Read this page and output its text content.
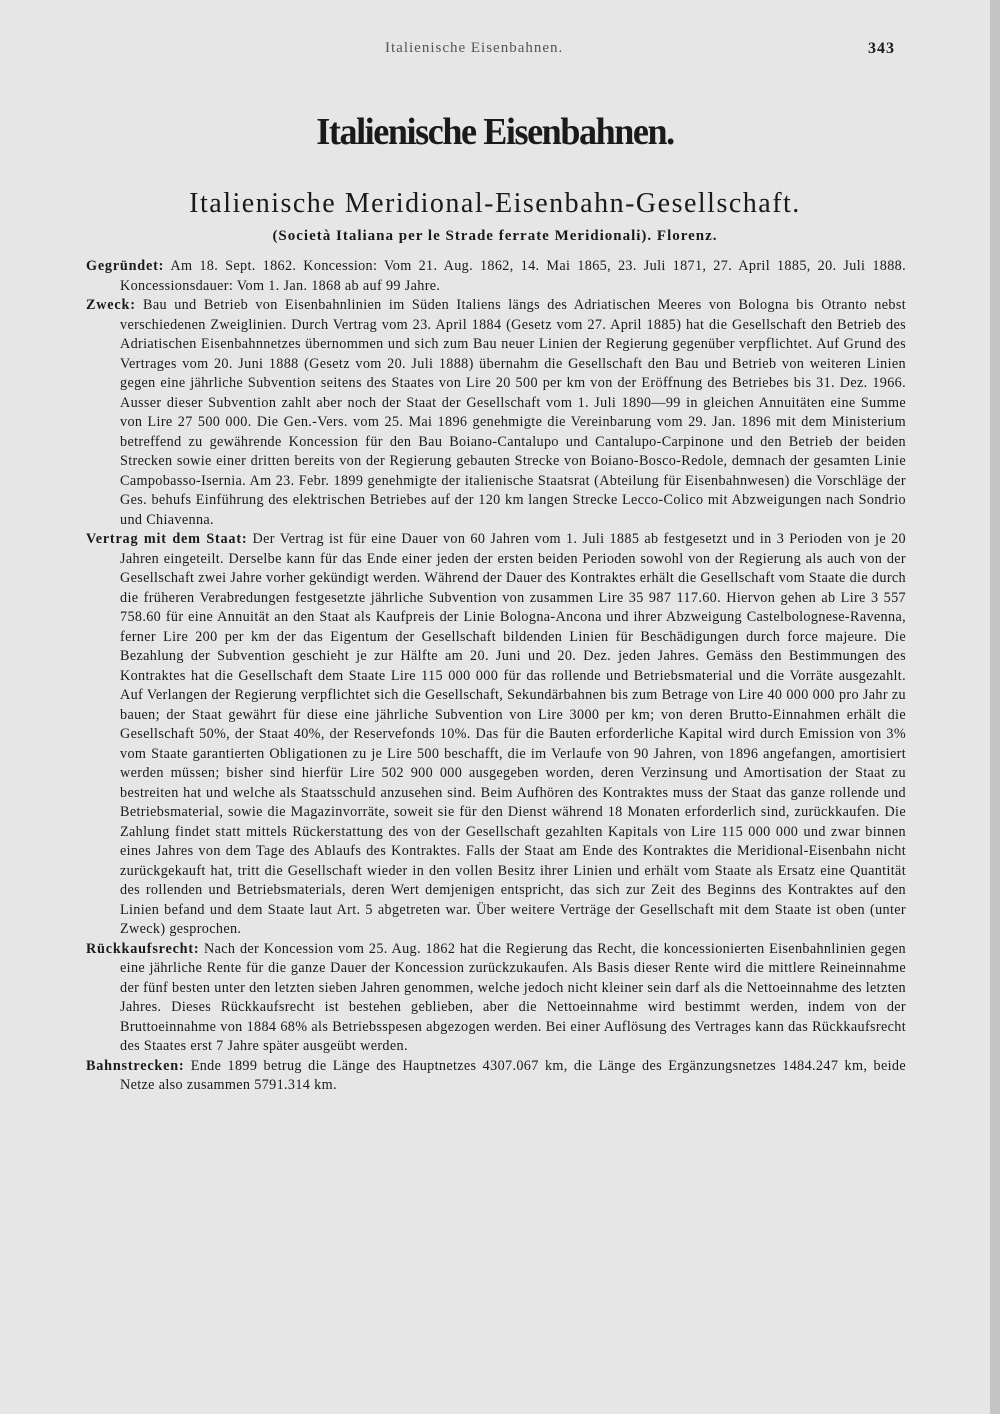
Italienische Eisenbahnen.	343
Italienische Eisenbahnen.
Italienische Meridional-Eisenbahn-Gesellschaft.
(Società Italiana per le Strade ferrate Meridionali). Florenz.

Gegründet: Am 18. Sept. 1862. Koncession: Vom 21. Aug. 1862, 14. Mai 1865, 23. Juli 1871, 27. April 1885, 20. Juli 1888. Koncessionsdauer: Vom 1. Jan. 1868 ab auf 99 Jahre.

Zweck: Bau und Betrieb von Eisenbahnlinien im Süden Italiens längs des Adriatischen Meeres von Bologna bis Otranto nebst verschiedenen Zweiglinien. Durch Vertrag vom 23. April 1884 (Gesetz vom 27. April 1885) hat die Gesellschaft den Betrieb des Adriatischen Eisenbahnnetzes übernommen und sich zum Bau neuer Linien der Regierung gegenüber verpflichtet. Auf Grund des Vertrages vom 20. Juni 1888 (Gesetz vom 20. Juli 1888) übernahm die Gesellschaft den Bau und Betrieb von weiteren Linien gegen eine jährliche Subvention seitens des Staates von Lire 20 500 per km von der Eröffnung des Betriebes bis 31. Dez. 1966. Ausser dieser Subvention zahlt aber noch der Staat der Gesellschaft vom 1. Juli 1890—99 in gleichen Annuitäten eine Summe von Lire 27 500 000. Die Gen.-Vers. vom 25. Mai 1896 genehmigte die Vereinbarung vom 29. Jan. 1896 mit dem Ministerium betreffend zu gewährende Koncession für den Bau Boiano-Cantalupo und Cantalupo-Carpinone und den Betrieb der beiden Strecken sowie einer dritten bereits von der Regierung gebauten Strecke von Boiano-Bosco-Redole, demnach der gesamten Linie Campobasso-Isernia. Am 23. Febr. 1899 genehmigte der italienische Staatsrat (Abteilung für Eisenbahnwesen) die Vorschläge der Ges. behufs Einführung des elektrischen Betriebes auf der 120 km langen Strecke Lecco-Colico mit Abzweigungen nach Sondrio und Chiavenna.

Vertrag mit dem Staat: Der Vertrag ist für eine Dauer von 60 Jahren vom 1. Juli 1885 ab festgesetzt und in 3 Perioden von je 20 Jahren eingeteilt. Derselbe kann für das Ende einer jeden der ersten beiden Perioden sowohl von der Regierung als auch von der Gesellschaft zwei Jahre vorher gekündigt werden. Während der Dauer des Kontraktes erhält die Gesellschaft vom Staate die durch die früheren Verabredungen festgesetzte jährliche Subvention von zusammen Lire 35 987 117.60. Hiervon gehen ab Lire 3 557 758.60 für eine Annuität an den Staat als Kaufpreis der Linie Bologna-Ancona und ihrer Abzweigung Castelbolognese-Ravenna, ferner Lire 200 per km der das Eigentum der Gesellschaft bildenden Linien für Beschädigungen durch force majeure. Die Bezahlung der Subvention geschieht je zur Hälfte am 20. Juni und 20. Dez. jeden Jahres. Gemäss den Bestimmungen des Kontraktes hat die Gesellschaft dem Staate Lire 115 000 000 für das rollende und Betriebsmaterial und die Vorräte ausgezahlt. Auf Verlangen der Regierung verpflichtet sich die Gesellschaft, Sekundärbahnen bis zum Betrage von Lire 40 000 000 pro Jahr zu bauen; der Staat gewährt für diese eine jährliche Subvention von Lire 3000 per km; von deren Brutto-Einnahmen erhält die Gesellschaft 50%, der Staat 40%, der Reservefonds 10%. Das für die Bauten erforderliche Kapital wird durch Emission von 3% vom Staate garantierten Obligationen zu je Lire 500 beschafft, die im Verlaufe von 90 Jahren, von 1896 angefangen, amortisiert werden müssen; bisher sind hierfür Lire 502 900 000 ausgegeben worden, deren Verzinsung und Amortisation der Staat zu bestreiten hat und welche als Staatsschuld anzusehen sind. Beim Aufhören des Kontraktes muss der Staat das ganze rollende und Betriebsmaterial, sowie die Magazinvorräte, soweit sie für den Dienst während 18 Monaten erforderlich sind, zurückkaufen. Die Zahlung findet statt mittels Rückerstattung des von der Gesellschaft gezahlten Kapitals von Lire 115 000 000 und zwar binnen eines Jahres von dem Tage des Ablaufs des Kontraktes. Falls der Staat am Ende des Kontraktes die Meridional-Eisenbahn nicht zurückgekauft hat, tritt die Gesellschaft wieder in den vollen Besitz ihrer Linien und erhält vom Staate als Ersatz eine Quantität des rollenden und Betriebsmaterials, deren Wert demjenigen entspricht, das sich zur Zeit des Beginns des Kontraktes auf den Linien befand und dem Staate laut Art. 5 abgetreten war. Über weitere Verträge der Gesellschaft mit dem Staate ist oben (unter Zweck) gesprochen.

Rückkaufsrecht: Nach der Koncession vom 25. Aug. 1862 hat die Regierung das Recht, die koncessionierten Eisenbahnlinien gegen eine jährliche Rente für die ganze Dauer der Koncession zurückzukaufen. Als Basis dieser Rente wird die mittlere Reineinnahme der fünf besten unter den letzten sieben Jahren genommen, welche jedoch nicht kleiner sein darf als die Nettoeinnahme des letzten Jahres. Dieses Rückkaufsrecht ist bestehen geblieben, aber die Nettoeinnahme wird bestimmt werden, indem von der Bruttoeinnahme von 1884 68% als Betriebsspesen abgezogen werden. Bei einer Auflösung des Vertrages kann das Rückkaufsrecht des Staates erst 7 Jahre später ausgeübt werden.

Bahnstrecken: Ende 1899 betrug die Länge des Hauptnetzes 4307.067 km, die Länge des Ergänzungsnetzes 1484.247 km, beide Netze also zusammen 5791.314 km.
